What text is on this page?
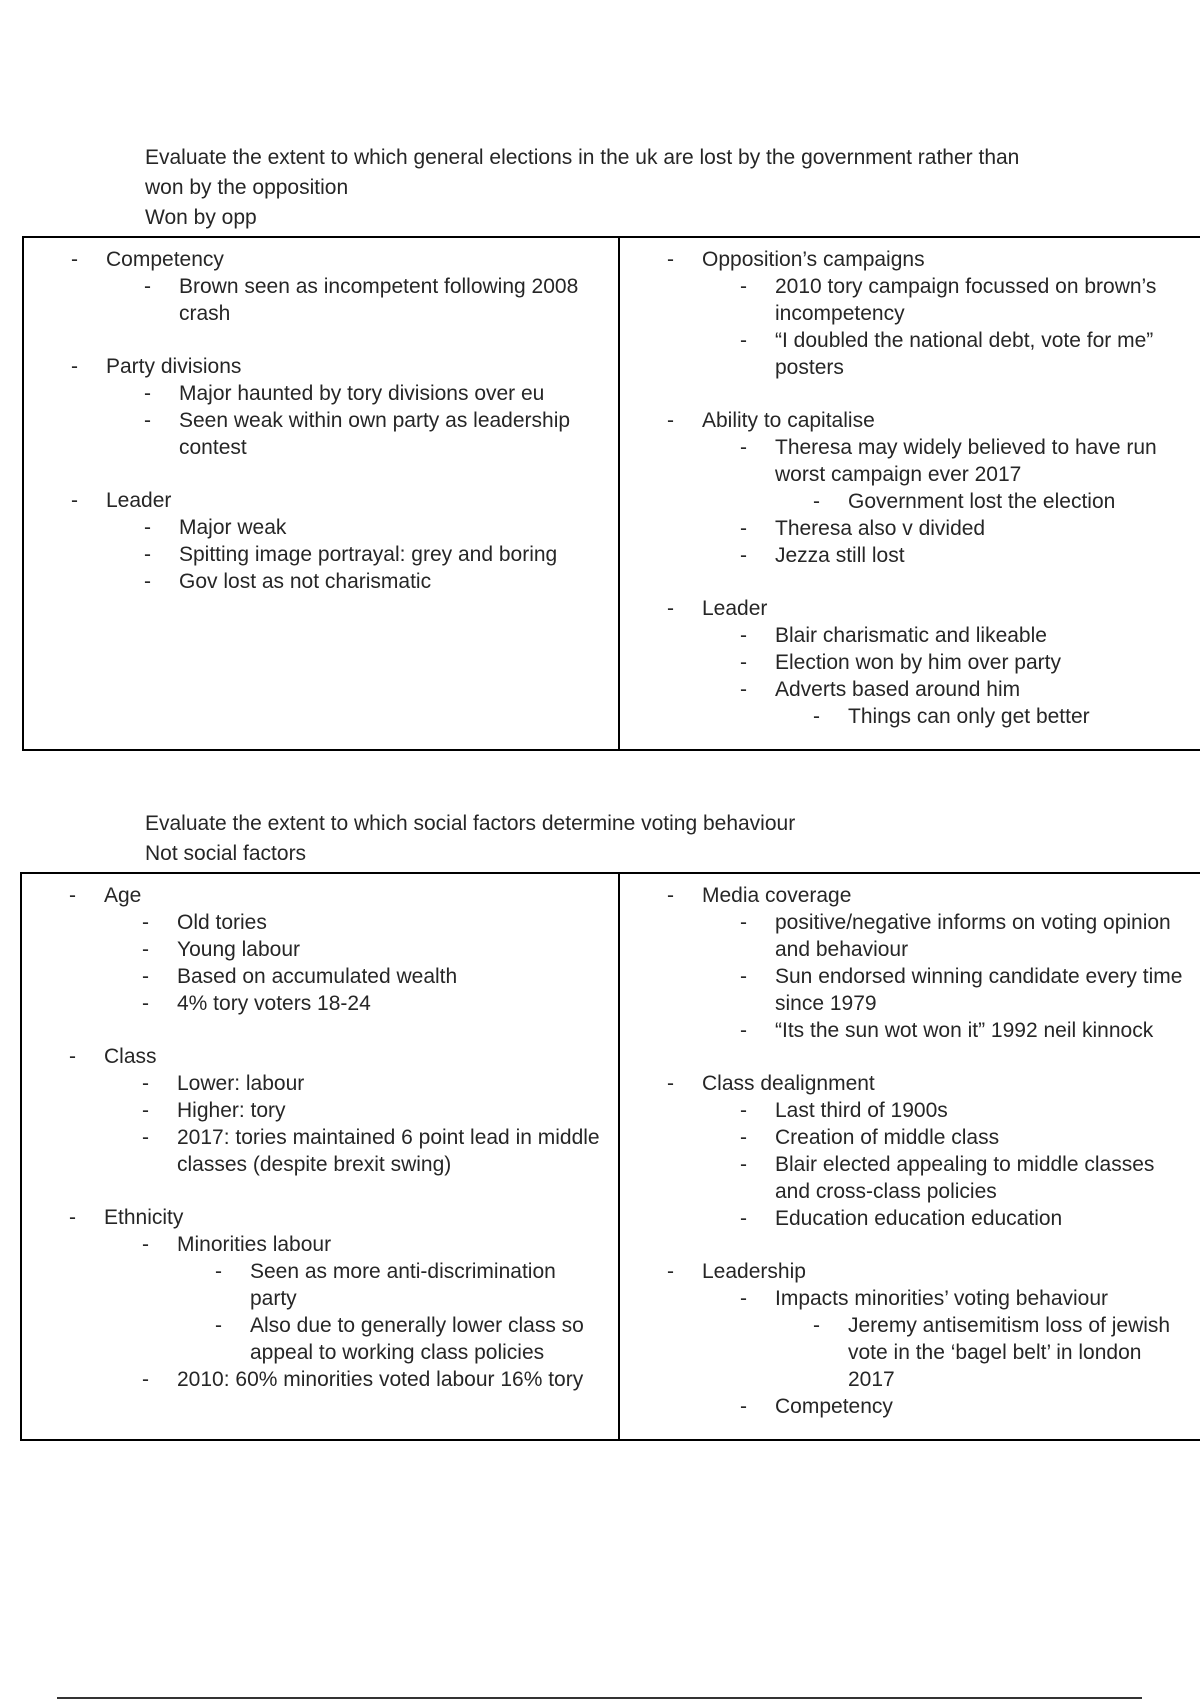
Evaluate the extent to which general elections in the uk are lost by the government rather than
won by the opposition
Won by opp
- Competency
- Brown seen as incompetent following 2008 crash
- Party divisions
- Major haunted by tory divisions over eu
- Seen weak within own party as leadership contest
- Leader
- Major weak
- Spitting image portrayal: grey and boring
- Gov lost as not charismatic
- Opposition’s campaigns
- 2010 tory campaign focussed on brown’s incompetency
- “I doubled the national debt, vote for me” posters
- Ability to capitalise
- Theresa may widely believed to have run worst campaign ever 2017
- Government lost the election
- Theresa also v divided
- Jezza still lost
- Leader
- Blair charismatic and likeable
- Election won by him over party
- Adverts based around him
- Things can only get better
Evaluate the extent to which social factors determine voting behaviour
Not social factors
- Age
- Old tories
- Young labour
- Based on accumulated wealth
- 4% tory voters 18-24
- Class
- Lower: labour
- Higher: tory
- 2017: tories maintained 6 point lead in middle classes (despite brexit swing)
- Ethnicity
- Minorities labour
- Seen as more anti-discrimination party
- Also due to generally lower class so appeal to working class policies
- 2010: 60% minorities voted labour 16% tory
- Media coverage
- positive/negative informs on voting opinion and behaviour
- Sun endorsed winning candidate every time since 1979
- “Its the sun wot won it” 1992 neil kinnock
- Class dealignment
- Last third of 1900s
- Creation of middle class
- Blair elected appealing to middle classes and cross-class policies
- Education education education
- Leadership
- Impacts minorities’ voting behaviour
- Jeremy antisemitism loss of jewish vote in the ‘bagel belt’ in london 2017
- Competency
